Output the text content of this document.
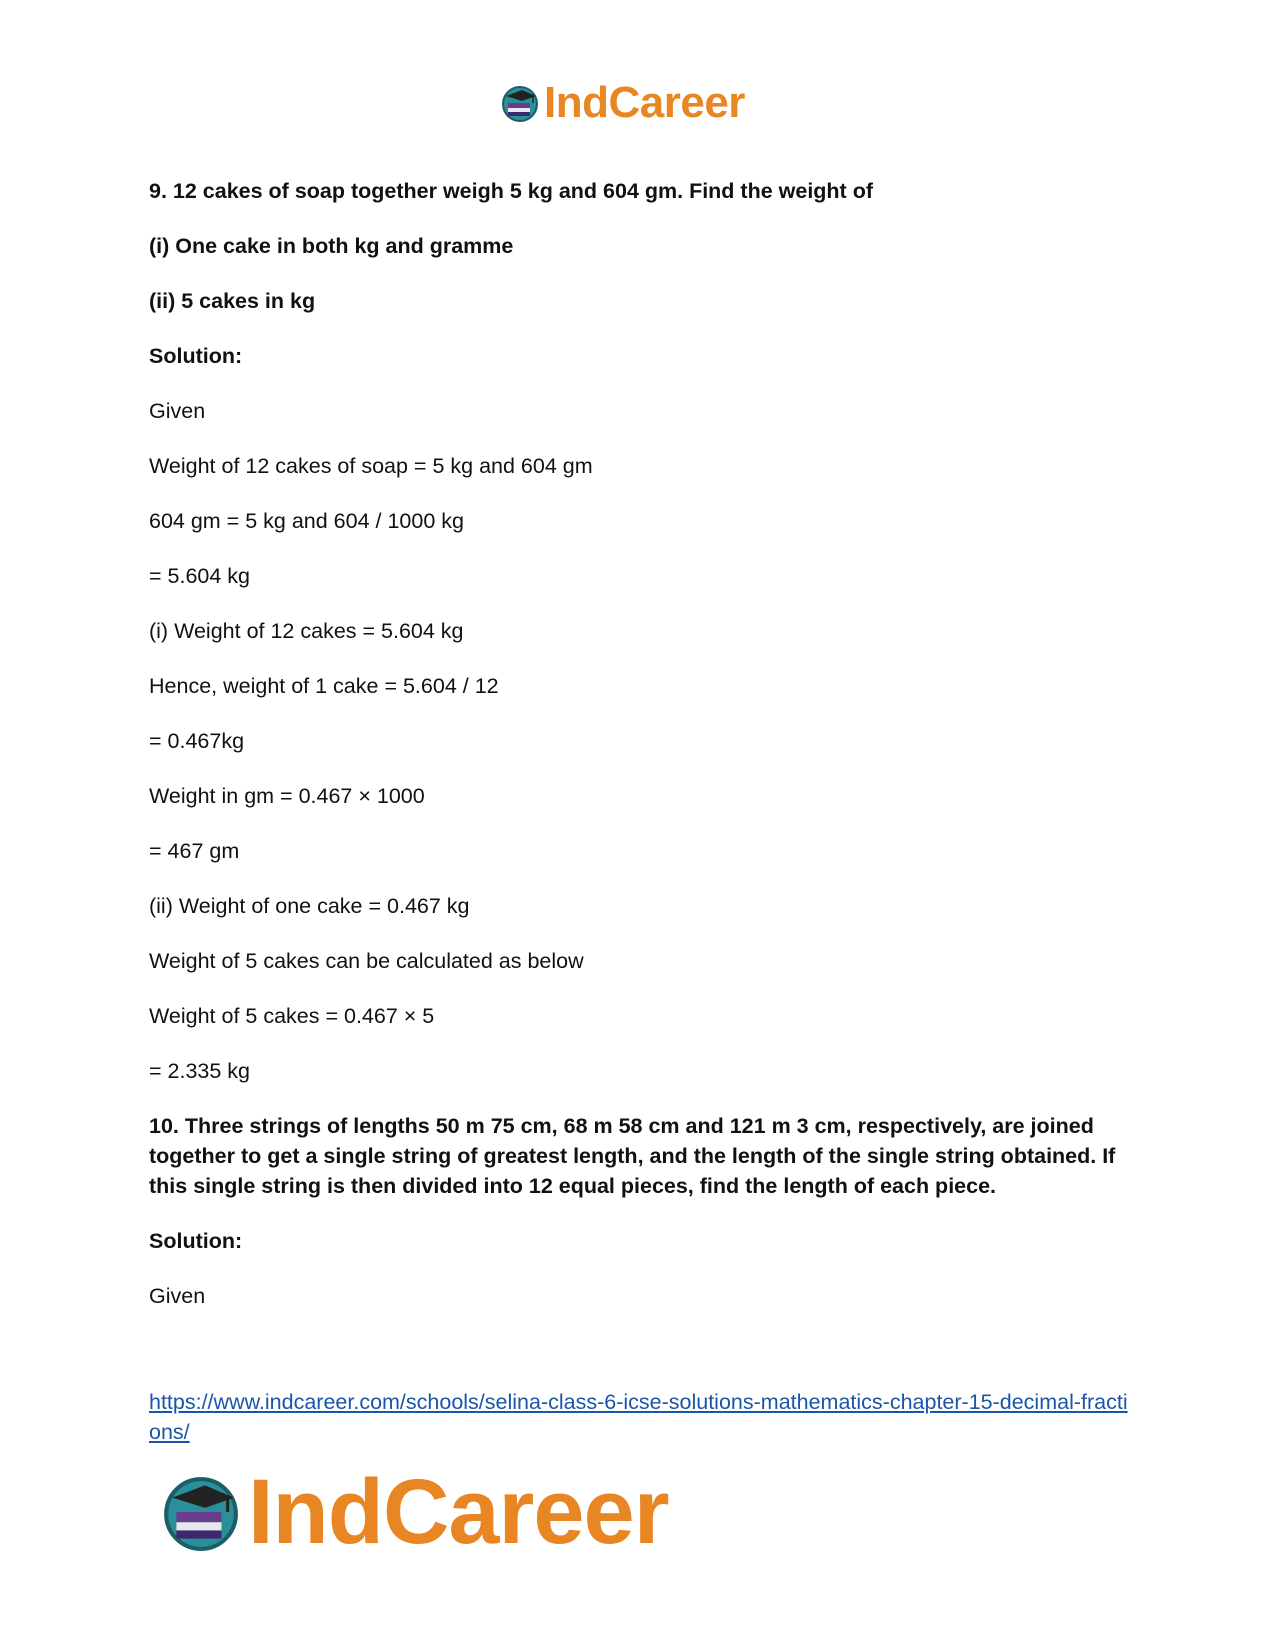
IndCareer

9. 12 cakes of soap together weigh 5 kg and 604 gm. Find the weight of

(i) One cake in both kg and gramme

(ii) 5 cakes in kg

Solution:

Given

Weight of 12 cakes of soap = 5 kg and 604 gm

604 gm = 5 kg and 604 / 1000 kg

= 5.604 kg

(i) Weight of 12 cakes = 5.604 kg

Hence, weight of 1 cake = 5.604 / 12

= 0.467kg

Weight in gm = 0.467 × 1000

= 467 gm

(ii) Weight of one cake = 0.467 kg

Weight of 5 cakes can be calculated as below

Weight of 5 cakes = 0.467 × 5

= 2.335 kg

10. Three strings of lengths 50 m 75 cm, 68 m 58 cm and 121 m 3 cm, respectively, are joined together to get a single string of greatest length, and the length of the single string obtained. If this single string is then divided into 12 equal pieces, find the length of each piece.

Solution:

Given

https://www.indcareer.com/schools/selina-class-6-icse-solutions-mathematics-chapter-15-decimal-fractions/
IndCareer
